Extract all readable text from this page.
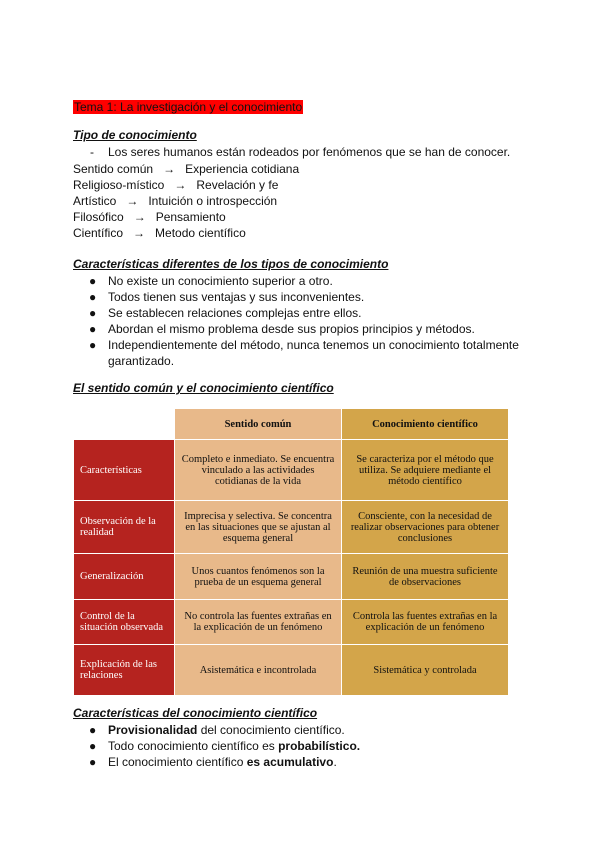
Tema 1: La investigación y el conocimiento
Tipo de conocimiento
- Los seres humanos están rodeados por fenómenos que se han de conocer.
Sentido común → Experiencia cotidiana
Religioso-místico → Revelación y fe
Artístico → Intuición o introspección
Filosófico → Pensamiento
Científico → Metodo científico
Características diferentes de los tipos de conocimiento
● No existe un conocimiento superior a otro.
● Todos tienen sus ventajas y sus inconvenientes.
● Se establecen relaciones complejas entre ellos.
● Abordan el mismo problema desde sus propios principios y métodos.
● Independientemente del método, nunca tenemos un conocimiento totalmente garantizado.
El sentido común y el conocimiento científico
	Sentido común	Conocimiento científico
Características	Completo e inmediato. Se encuentra vinculado a las actividades cotidianas de la vida	Se caracteriza por el método que utiliza. Se adquiere mediante el método científico
Observación de la realidad	Imprecisa y selectiva. Se concentra en las situaciones que se ajustan al esquema general	Consciente, con la necesidad de realizar observaciones para obtener conclusiones
Generalización	Unos cuantos fenómenos son la prueba de un esquema general	Reunión de una muestra suficiente de observaciones
Control de la situación observada	No controla las fuentes extrañas en la explicación de un fenómeno	Controla las fuentes extrañas en la explicación de un fenómeno
Explicación de las relaciones	Asistemática e incontrolada	Sistemática y controlada
Características del conocimiento científico
● Provisionalidad del conocimiento científico.
● Todo conocimiento científico es probabilístico.
● El conocimiento científico es acumulativo.
